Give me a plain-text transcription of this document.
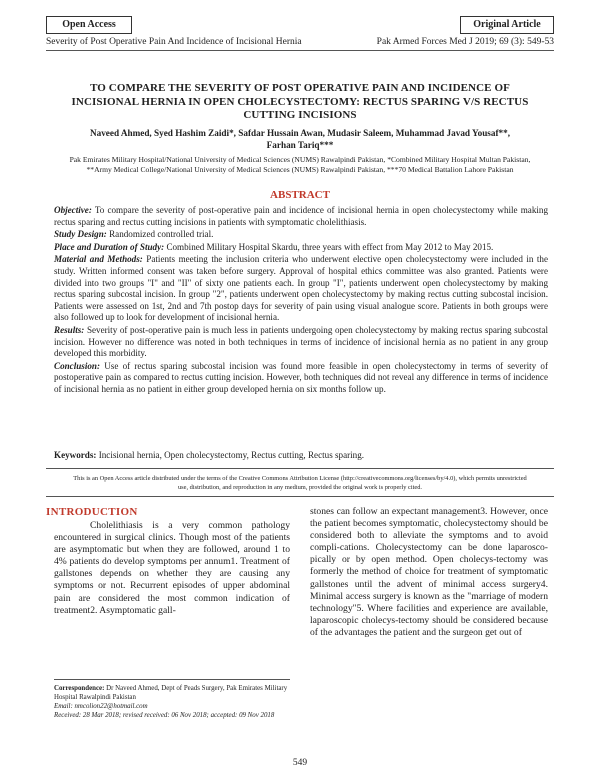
Open Access	Original Article
Severity of Post Operative Pain And Incidence of Incisional Hernia	Pak Armed Forces Med J 2019; 69 (3): 549-53
TO COMPARE THE SEVERITY OF POST OPERATIVE PAIN AND INCIDENCE OF INCISIONAL HERNIA IN OPEN CHOLECYSTECTOMY: RECTUS SPARING V/S RECTUS CUTTING INCISIONS
Naveed Ahmed, Syed Hashim Zaidi*, Safdar Hussain Awan, Mudasir Saleem, Muhammad Javad Yousaf**,
Farhan Tariq***
Pak Emirates Military Hospital/National University of Medical Sciences (NUMS) Rawalpindi Pakistan, *Combined Military Hospital Multan Pakistan, **Army Medical College/National University of Medical Sciences (NUMS) Rawalpindi Pakistan, ***70 Medical Battalion Lahore Pakistan
ABSTRACT

Objective: To compare the severity of post-operative pain and incidence of incisional hernia in open cholecystectomy while making rectus sparing and rectus cutting incisions in patients with symptomatic cholelithiasis.

Study Design: Randomized controlled trial.

Place and Duration of Study: Combined Military Hospital Skardu, three years with effect from May 2012 to May 2015.

Material and Methods: Patients meeting the inclusion criteria who underwent elective open cholecystectomy were included in the study. Written informed consent was taken before surgery. Approval of hospital ethics committee was also granted. Patients were divided into two groups "I" and "II" of sixty one patients each. In group "I", patients underwent open cholecystectomy by making rectus sparing subcostal incision. In group "2", patients underwent open cholecystectomy by making rectus cutting subcostal incision. Patients were assessed on 1st, 2nd and 7th postop days for severity of pain using visual analogue score. Patients in both groups were also followed up to look for development of incisional hernia.

Results: Severity of post-operative pain is much less in patients undergoing open cholecystectomy by making rectus sparing subcostal incision. However no difference was noted in both techniques in terms of incidence of incisional hernia as no patient in any group developed this morbidity.

Conclusion: Use of rectus sparing subcostal incision was found more feasible in open cholecystectomy in terms of severity of postoperative pain as compared to rectus cutting incision. However, both techniques did not reveal any difference in terms of incidence of incisional hernia as no patient in either group developed hernia on six months follow up.

Keywords: Incisional hernia, Open cholecystectomy, Rectus cutting, Rectus sparing.
This is an Open Access article distributed under the terms of the Creative Commons Attribution License (http://creativecommons.org/licenses/by/4.0), which permits unrestricted use, distribution, and reproduction in any medium, provided the original work is properly cited.
INTRODUCTION
Cholelithiasis is a very common pathology encountered in surgical clinics. Though most of the patients are asymptomatic but when they are followed, around 1 to 4% patients do develop symptoms per annum1. Treatment of gallstones depends on whether they are causing any symptoms or not. Recurrent episodes of upper abdominal pain are considered the most common indication of treatment2. Asymptomatic gall-
stones can follow an expectant management3. However, once the patient becomes symptomatic, cholecystectomy should be considered both to alleviate the symptoms and to avoid compli-cations. Cholecystectomy can be done laparosco-pically or by open method. Open cholecys-tectomy was formerly the method of choice for treatment of symptomatic gallstones until the advent of minimal access surgery4. Minimal access surgery is known as the "marriage of modern technology"5. Where facilities and experience are available, laparoscopic cholecys-tectomy should be considered because of the advantages the patient and the surgeon get out of

Correspondence: Dr Naveed Ahmed, Dept of Peads Surgery, Pak Emirates Military Hospital Rawalpindi Pakistan

Email: nmcolion22@hotmail.com

Received: 28 Mar 2018; revised received: 06 Nov 2018; accepted: 09 Nov 2018

549
